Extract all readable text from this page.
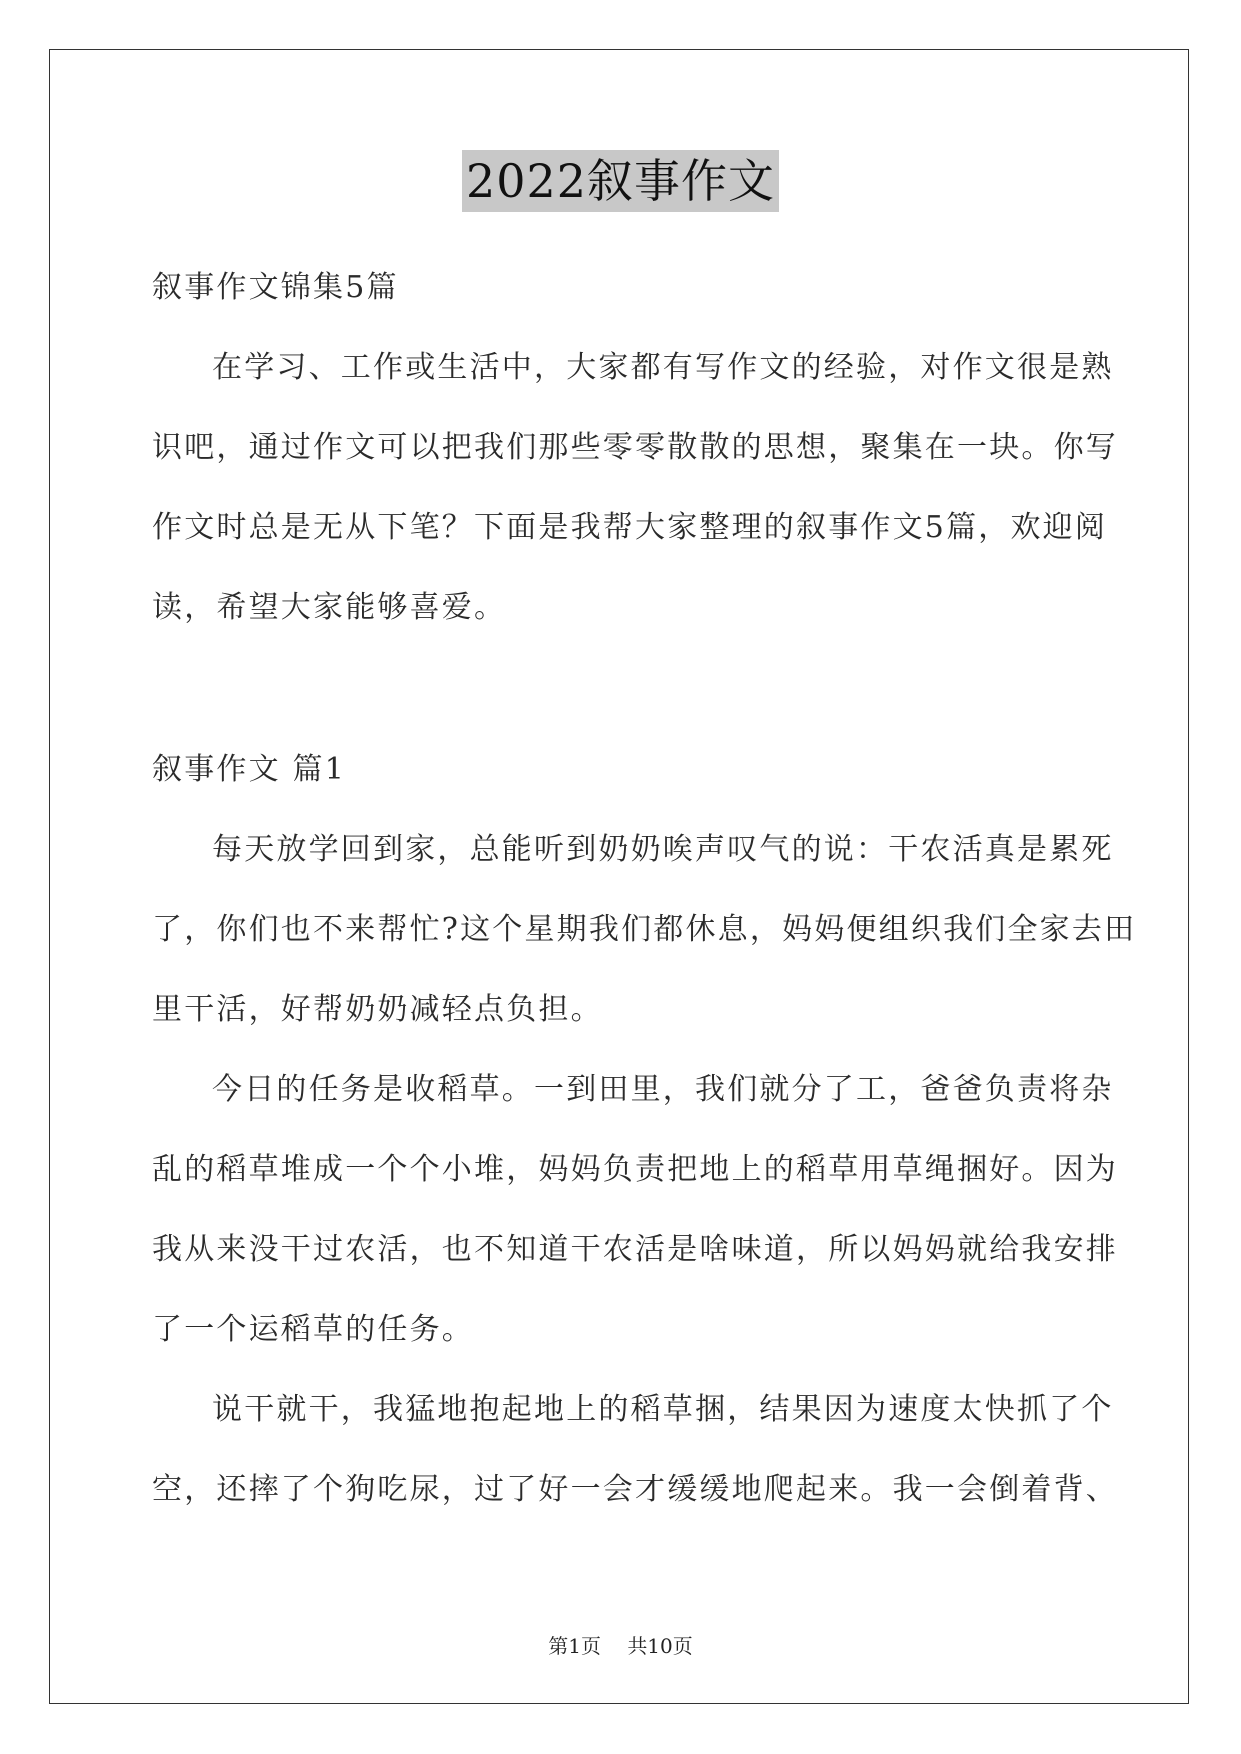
2022叙事作文
叙事作文锦集5篇
在学习、工作或生活中，大家都有写作文的经验，对作文很是熟
识吧，通过作文可以把我们那些零零散散的思想，聚集在一块。你写
作文时总是无从下笔？下面是我帮大家整理的叙事作文5篇，欢迎阅
读，希望大家能够喜爱。
叙事作文 篇1
每天放学回到家，总能听到奶奶唉声叹气的说：干农活真是累死
了，你们也不来帮忙?这个星期我们都休息，妈妈便组织我们全家去田
里干活，好帮奶奶减轻点负担。
今日的任务是收稻草。一到田里，我们就分了工，爸爸负责将杂
乱的稻草堆成一个个小堆，妈妈负责把地上的稻草用草绳捆好。因为
我从来没干过农活，也不知道干农活是啥味道，所以妈妈就给我安排
了一个运稻草的任务。
说干就干，我猛地抱起地上的稻草捆，结果因为速度太快抓了个
空，还摔了个狗吃尿，过了好一会才缓缓地爬起来。我一会倒着背、
第1页 共10页
